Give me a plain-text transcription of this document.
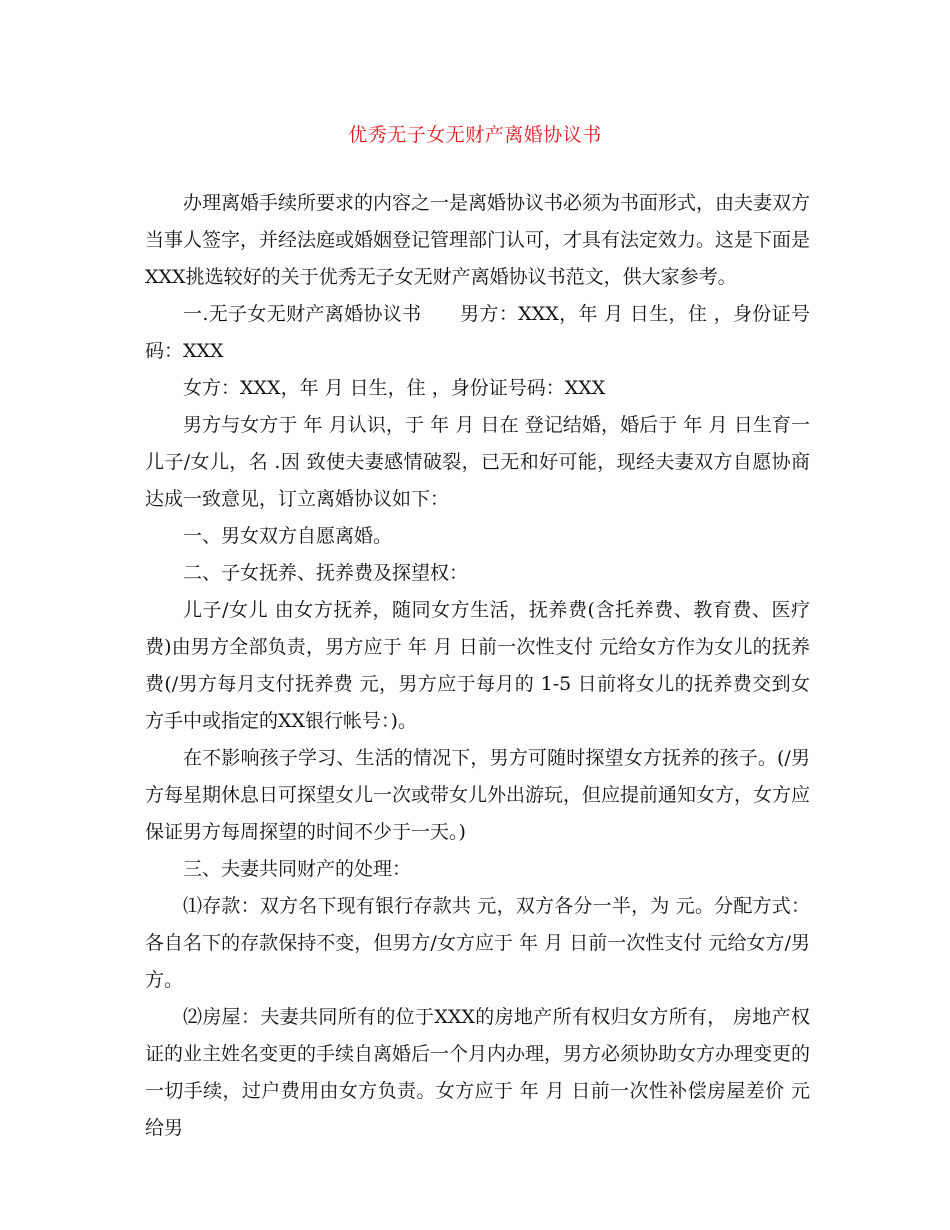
优秀无子女无财产离婚协议书

办理离婚手续所要求的内容之一是离婚协议书必须为书面形式，由夫妻双方当事人签字，并经法庭或婚姻登记管理部门认可，才具有法定效力。这是下面是XXX挑选较好的关于优秀无子女无财产离婚协议书范文，供大家参考。

一.无子女无财产离婚协议书　　男方：XXX，年 月 日生，住 ，身份证号码：XXX

女方：XXX，年 月 日生，住 ，身份证号码：XXX

男方与女方于 年 月认识，于 年 月 日在 登记结婚，婚后于 年 月 日生育一儿子/女儿，名 .因 致使夫妻感情破裂，已无和好可能，现经夫妻双方自愿协商达成一致意见，订立离婚协议如下：

一、男女双方自愿离婚。

二、子女抚养、抚养费及探望权：

儿子/女儿 由女方抚养，随同女方生活，抚养费(含托养费、教育费、医疗费)由男方全部负责，男方应于 年 月 日前一次性支付 元给女方作为女儿的抚养费(/男方每月支付抚养费 元，男方应于每月的 1-5 日前将女儿的抚养费交到女方手中或指定的XX银行帐号：)。

在不影响孩子学习、生活的情况下，男方可随时探望女方抚养的孩子。(/男方每星期休息日可探望女儿一次或带女儿外出游玩，但应提前通知女方，女方应保证男方每周探望的时间不少于一天。)

三、夫妻共同财产的处理：

⑴存款：双方名下现有银行存款共 元，双方各分一半，为 元。分配方式：各自名下的存款保持不变，但男方/女方应于 年 月 日前一次性支付 元给女方/男方。

⑵房屋：夫妻共同所有的位于XXX的房地产所有权归女方所有， 房地产权证的业主姓名变更的手续自离婚后一个月内办理，男方必须协助女方办理变更的一切手续，过户费用由女方负责。女方应于 年 月 日前一次性补偿房屋差价 元给男
